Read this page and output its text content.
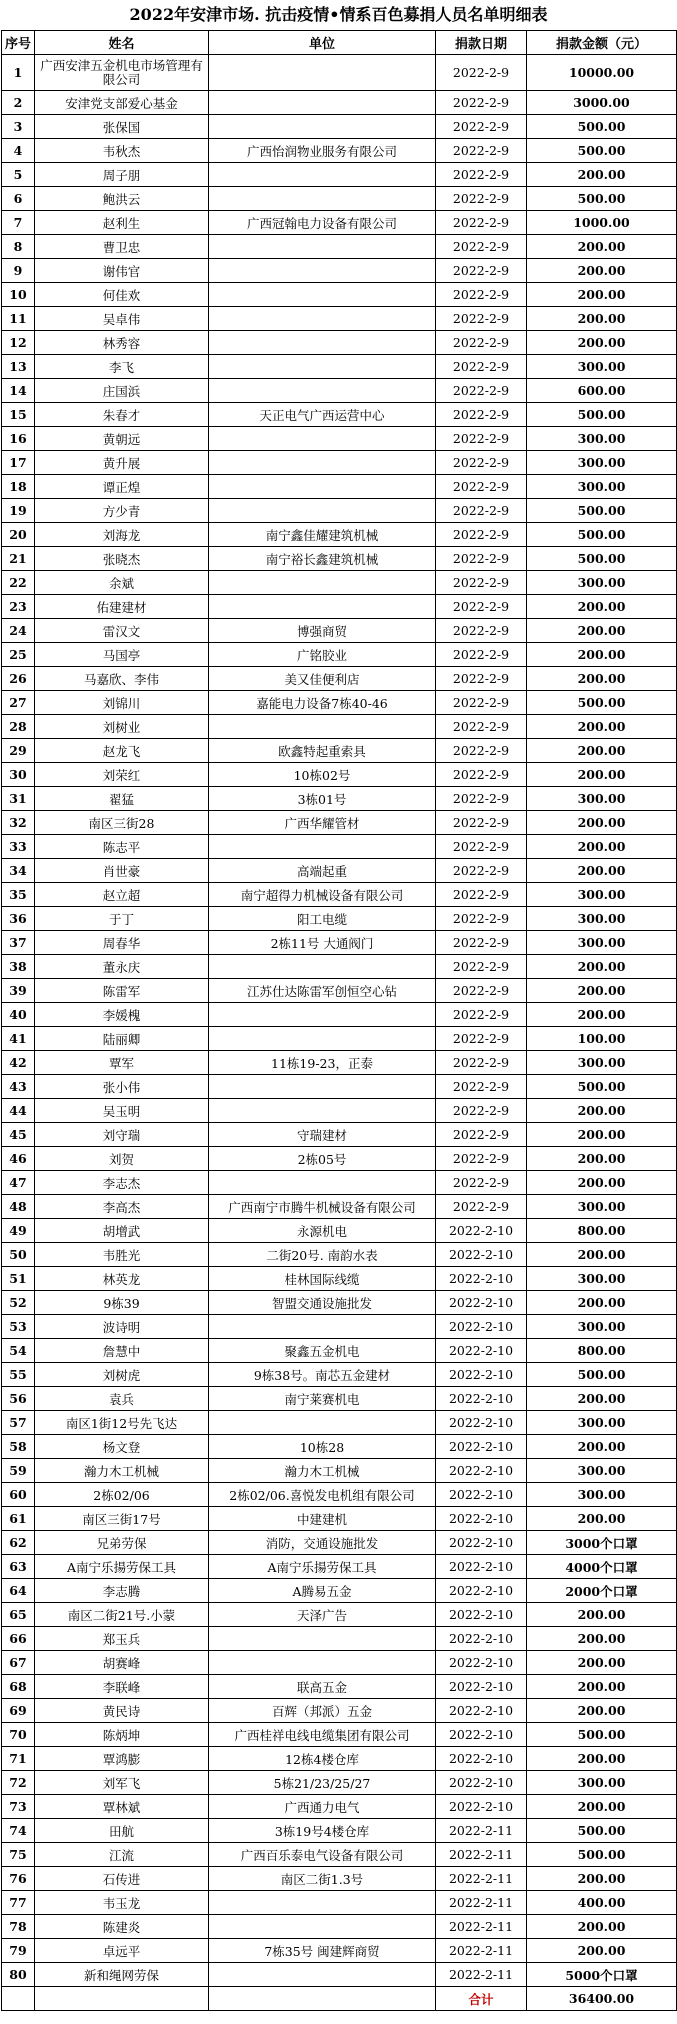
2022年安津市场. 抗击疫情•情系百色募捐人员名单明细表
序号	姓名	单位	捐款日期	捐款金额（元）
1	广西安津五金机电市场管理有限公司		2022-2-9	10000.00
2	安津党支部爱心基金		2022-2-9	3000.00
3	张保国		2022-2-9	500.00
4	韦秋杰	广西怡润物业服务有限公司	2022-2-9	500.00
5	周子朋		2022-2-9	200.00
6	鲍洪云		2022-2-9	500.00
7	赵利生	广西冠翰电力设备有限公司	2022-2-9	1000.00
8	曹卫忠		2022-2-9	200.00
9	谢伟官		2022-2-9	200.00
10	何佳欢		2022-2-9	200.00
11	吴卓伟		2022-2-9	200.00
12	林秀容		2022-2-9	200.00
13	李飞		2022-2-9	300.00
14	庄国浜		2022-2-9	600.00
15	朱春才	天正电气广西运营中心	2022-2-9	500.00
16	黄朝远		2022-2-9	300.00
17	黄升展		2022-2-9	300.00
18	谭正煌		2022-2-9	300.00
19	方少青		2022-2-9	500.00
20	刘海龙	南宁鑫佳耀建筑机械	2022-2-9	500.00
21	张晓杰	南宁裕长鑫建筑机械	2022-2-9	500.00
22	余斌		2022-2-9	300.00
23	佑建建材		2022-2-9	200.00
24	雷汉文	博强商贸	2022-2-9	200.00
25	马国亭	广铭胶业	2022-2-9	200.00
26	马嘉欣、李伟	美又佳便利店	2022-2-9	200.00
27	刘锦川	嘉能电力设备7栋40-46	2022-2-9	500.00
28	刘树业		2022-2-9	200.00
29	赵龙飞	欧鑫特起重索具	2022-2-9	200.00
30	刘荣红	10栋02号	2022-2-9	200.00
31	翟猛	3栋01号	2022-2-9	300.00
32	南区三街28	广西华耀管材	2022-2-9	200.00
33	陈志平		2022-2-9	200.00
34	肖世豪	高端起重	2022-2-9	200.00
35	赵立超	南宁超得力机械设备有限公司	2022-2-9	300.00
36	于丁	阳工电缆	2022-2-9	300.00
37	周春华	2栋11号 大通阀门	2022-2-9	300.00
38	董永庆		2022-2-9	200.00
39	陈雷军	江苏仕达陈雷军创恒空心钻	2022-2-9	200.00
40	李媛槐		2022-2-9	200.00
41	陆丽卿		2022-2-9	100.00
42	覃军	11栋19-23，正泰	2022-2-9	300.00
43	张小伟		2022-2-9	500.00
44	吴玉明		2022-2-9	200.00
45	刘守瑞	守瑞建材	2022-2-9	200.00
46	刘贺	2栋05号	2022-2-9	200.00
47	李志杰		2022-2-9	200.00
48	李高杰	广西南宁市腾牛机械设备有限公司	2022-2-9	300.00
49	胡增武	永源机电	2022-2-10	800.00
50	韦胜光	二街20号. 南韵水表	2022-2-10	200.00
51	林英龙	桂林国际线缆	2022-2-10	300.00
52	9栋39	智盟交通设施批发	2022-2-10	200.00
53	波诗明		2022-2-10	300.00
54	詹慧中	聚鑫五金机电	2022-2-10	800.00
55	刘树虎	9栋38号。南芯五金建材	2022-2-10	500.00
56	袁兵	南宁莱赛机电	2022-2-10	200.00
57	南区1街12号先飞达		2022-2-10	300.00
58	杨文登	10栋28	2022-2-10	200.00
59	瀚力木工机械	瀚力木工机械	2022-2-10	300.00
60	2栋02/06	2栋02/06.喜悦发电机组有限公司	2022-2-10	300.00
61	南区三街17号	中建建机	2022-2-10	200.00
62	兄弟劳保	消防，交通设施批发	2022-2-10	3000个口罩
63	A南宁乐揚劳保工具	A南宁乐揚劳保工具	2022-2-10	4000个口罩
64	李志腾	A腾易五金	2022-2-10	2000个口罩
65	南区二街21号.小蒙	天泽广告	2022-2-10	200.00
66	郑玉兵		2022-2-10	200.00
67	胡赛峰		2022-2-10	200.00
68	李联峰	联高五金	2022-2-10	200.00
69	黄民诗	百辉（邦派）五金	2022-2-10	200.00
70	陈炳坤	广西桂祥电线电缆集团有限公司	2022-2-10	500.00
71	覃鸿膨	12栋4楼仓库	2022-2-10	200.00
72	刘军飞	5栋21/23/25/27	2022-2-10	300.00
73	覃林斌	广西通力电气	2022-2-10	200.00
74	田航	3栋19号4楼仓库	2022-2-11	500.00
75	江流	广西百乐泰电气设备有限公司	2022-2-11	500.00
76	石传进	南区二街1.3号	2022-2-11	200.00
77	韦玉龙		2022-2-11	400.00
78	陈建炎		2022-2-11	200.00
79	卓远平	7栋35号 闽建辉商贸	2022-2-11	200.00
80	新和绳网劳保		2022-2-11	5000个口罩
			合计	36400.00
